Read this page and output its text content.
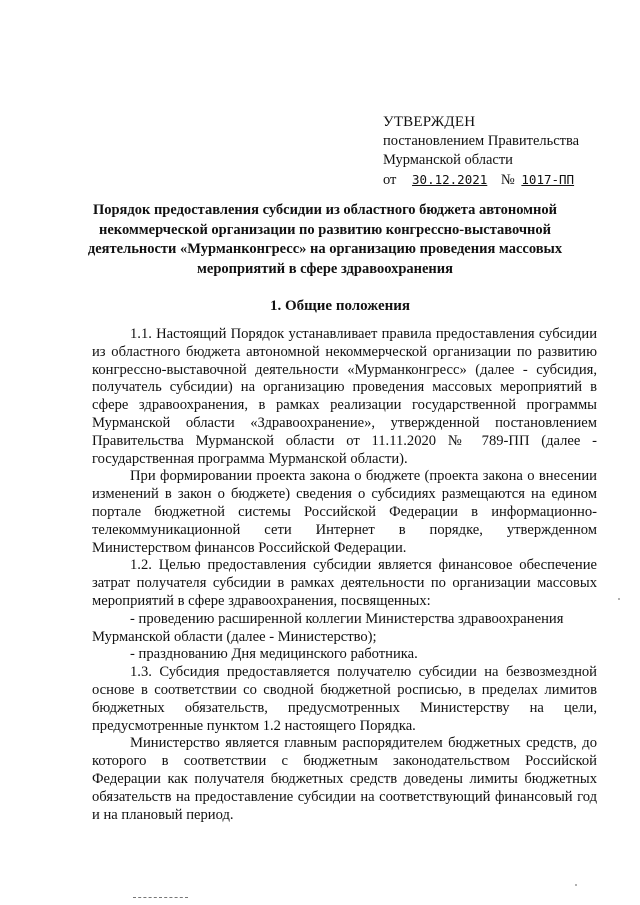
УТВЕРЖДЕН
постановлением Правительства
Мурманской области
от 30.12.2021 № 1017-ПП
Порядок предоставления субсидии из областного бюджета автономной некоммерческой организации по развитию конгрессно-выставочной деятельности «Мурманконгресс» на организацию проведения массовых мероприятий в сфере здравоохранения
1. Общие положения

1.1. Настоящий Порядок устанавливает правила предоставления субсидии из областного бюджета автономной некоммерческой организации по развитию конгрессно-выставочной деятельности «Мурманконгресс» (далее - субсидия, получатель субсидии) на организацию проведения массовых мероприятий в сфере здравоохранения, в рамках реализации государственной программы Мурманской области «Здравоохранение», утвержденной постановлением Правительства Мурманской области от 11.11.2020 № 789-ПП (далее - государственная программа Мурманской области).

При формировании проекта закона о бюджете (проекта закона о внесении изменений в закон о бюджете) сведения о субсидиях размещаются на едином портале бюджетной системы Российской Федерации в информационно-телекоммуникационной сети Интернет в порядке, утвержденном Министерством финансов Российской Федерации.

1.2. Целью предоставления субсидии является финансовое обеспечение затрат получателя субсидии в рамках деятельности по организации массовых мероприятий в сфере здравоохранения, посвященных:

- проведению расширенной коллегии Министерства здравоохранения

Мурманской области (далее - Министерство);

- празднованию Дня медицинского работника.

1.3. Субсидия предоставляется получателю субсидии на безвозмездной основе в соответствии со сводной бюджетной росписью, в пределах лимитов бюджетных обязательств, предусмотренных Министерству на цели, предусмотренные пунктом 1.2 настоящего Порядка.

Министерство является главным распорядителем бюджетных средств, до которого в соответствии с бюджетным законодательством Российской Федерации как получателя бюджетных средств доведены лимиты бюджетных обязательств на предоставление субсидии на соответствующий финансовый год и на плановый период.
